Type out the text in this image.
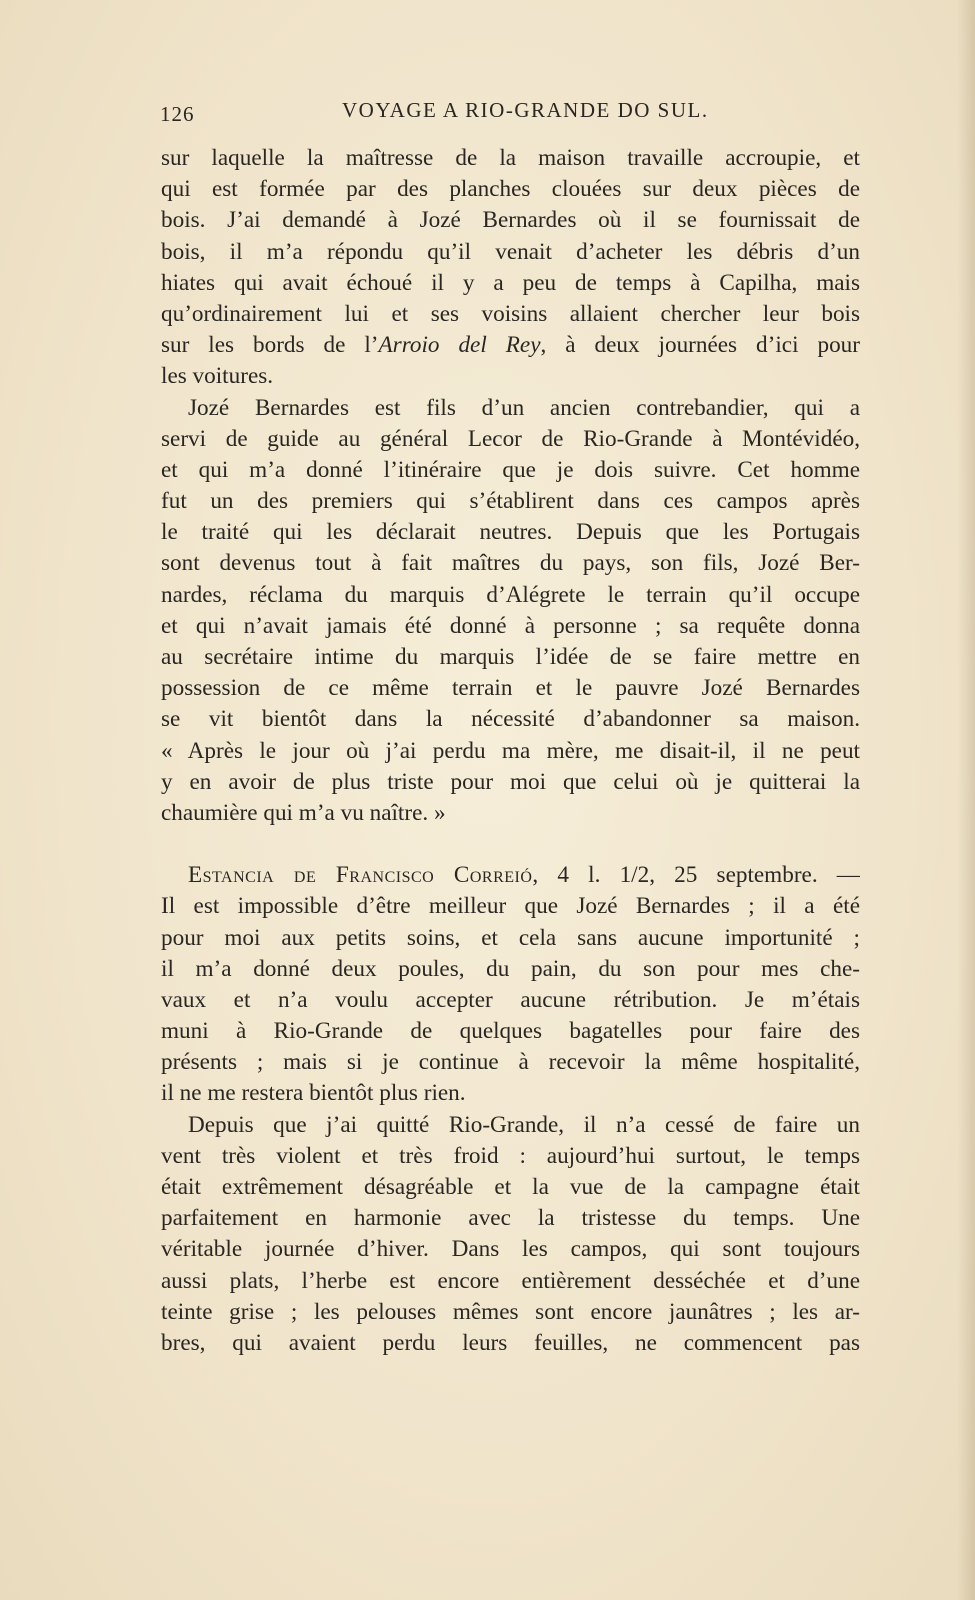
126	VOYAGE A RIO-GRANDE DO SUL.
sur laquelle la maîtresse de la maison travaille accroupie, et
qui est formée par des planches clouées sur deux pièces de
bois. J’ai demandé à Jozé Bernardes où il se fournissait de
bois, il m’a répondu qu’il venait d’acheter les débris d’un
hiates qui avait échoué il y a peu de temps à Capilha, mais
qu’ordinairement lui et ses voisins allaient chercher leur bois
sur les bords de l’Arroio del Rey, à deux journées d’ici pour
les voitures.
Jozé Bernardes est fils d’un ancien contrebandier, qui a
servi de guide au général Lecor de Rio-Grande à Montévidéo,
et qui m’a donné l’itinéraire que je dois suivre. Cet homme
fut un des premiers qui s’établirent dans ces campos après
le traité qui les déclarait neutres. Depuis que les Portugais
sont devenus tout à fait maîtres du pays, son fils, Jozé Ber-
nardes, réclama du marquis d’Alégrete le terrain qu’il occupe
et qui n’avait jamais été donné à personne ; sa requête donna
au secrétaire intime du marquis l’idée de se faire mettre en
possession de ce même terrain et le pauvre Jozé Bernardes
se vit bientôt dans la nécessité d’abandonner sa maison.
« Après le jour où j’ai perdu ma mère, me disait-il, il ne peut
y en avoir de plus triste pour moi que celui où je quitterai la
chaumière qui m’a vu naître. »
Estancia de Francisco Correió, 4 l. 1/2, 25 septembre. —
Il est impossible d’être meilleur que Jozé Bernardes ; il a été
pour moi aux petits soins, et cela sans aucune importunité ;
il m’a donné deux poules, du pain, du son pour mes che-
vaux et n’a voulu accepter aucune rétribution. Je m’étais
muni à Rio-Grande de quelques bagatelles pour faire des
présents ; mais si je continue à recevoir la même hospitalité,
il ne me restera bientôt plus rien.
Depuis que j’ai quitté Rio-Grande, il n’a cessé de faire un
vent très violent et très froid : aujourd’hui surtout, le temps
était extrêmement désagréable et la vue de la campagne était
parfaitement en harmonie avec la tristesse du temps. Une
véritable journée d’hiver. Dans les campos, qui sont toujours
aussi plats, l’herbe est encore entièrement desséchée et d’une
teinte grise ; les pelouses mêmes sont encore jaunâtres ; les ar-
bres, qui avaient perdu leurs feuilles, ne commencent pas
